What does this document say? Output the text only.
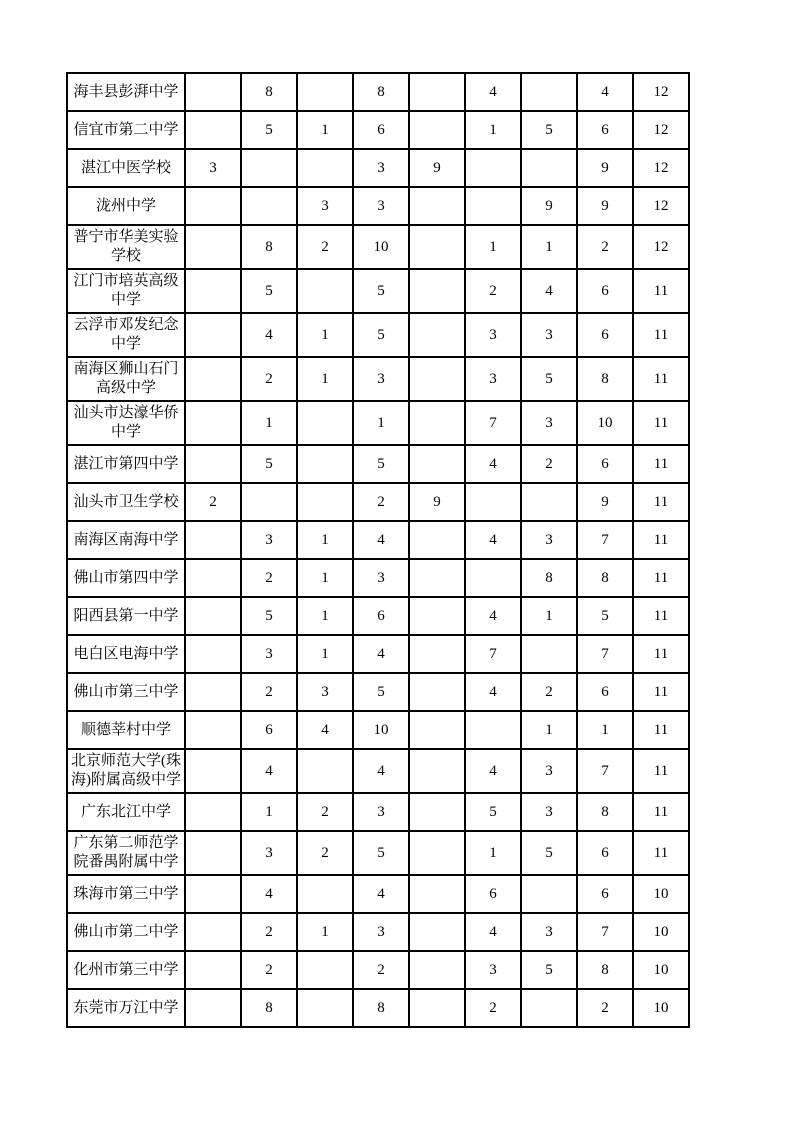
海丰县彭湃中学		8		8		4		4	12
信宜市第二中学		5	1	6		1	5	6	12
湛江中医学校	3			3	9			9	12
泷州中学			3	3			9	9	12
普宁市华美实验学校		8	2	10		1	1	2	12
江门市培英高级中学		5		5		2	4	6	11
云浮市邓发纪念中学		4	1	5		3	3	6	11
南海区狮山石门高级中学		2	1	3		3	5	8	11
汕头市达濠华侨中学		1		1		7	3	10	11
湛江市第四中学		5		5		4	2	6	11
汕头市卫生学校	2			2	9			9	11
南海区南海中学		3	1	4		4	3	7	11
佛山市第四中学		2	1	3			8	8	11
阳西县第一中学		5	1	6		4	1	5	11
电白区电海中学		3	1	4		7		7	11
佛山市第三中学		2	3	5		4	2	6	11
顺德莘村中学		6	4	10			1	1	11
北京师范大学(珠海)附属高级中学		4		4		4	3	7	11
广东北江中学		1	2	3		5	3	8	11
广东第二师范学院番禺附属中学		3	2	5		1	5	6	11
珠海市第三中学		4		4		6		6	10
佛山市第二中学		2	1	3		4	3	7	10
化州市第三中学		2		2		3	5	8	10
东莞市万江中学		8		8		2		2	10
